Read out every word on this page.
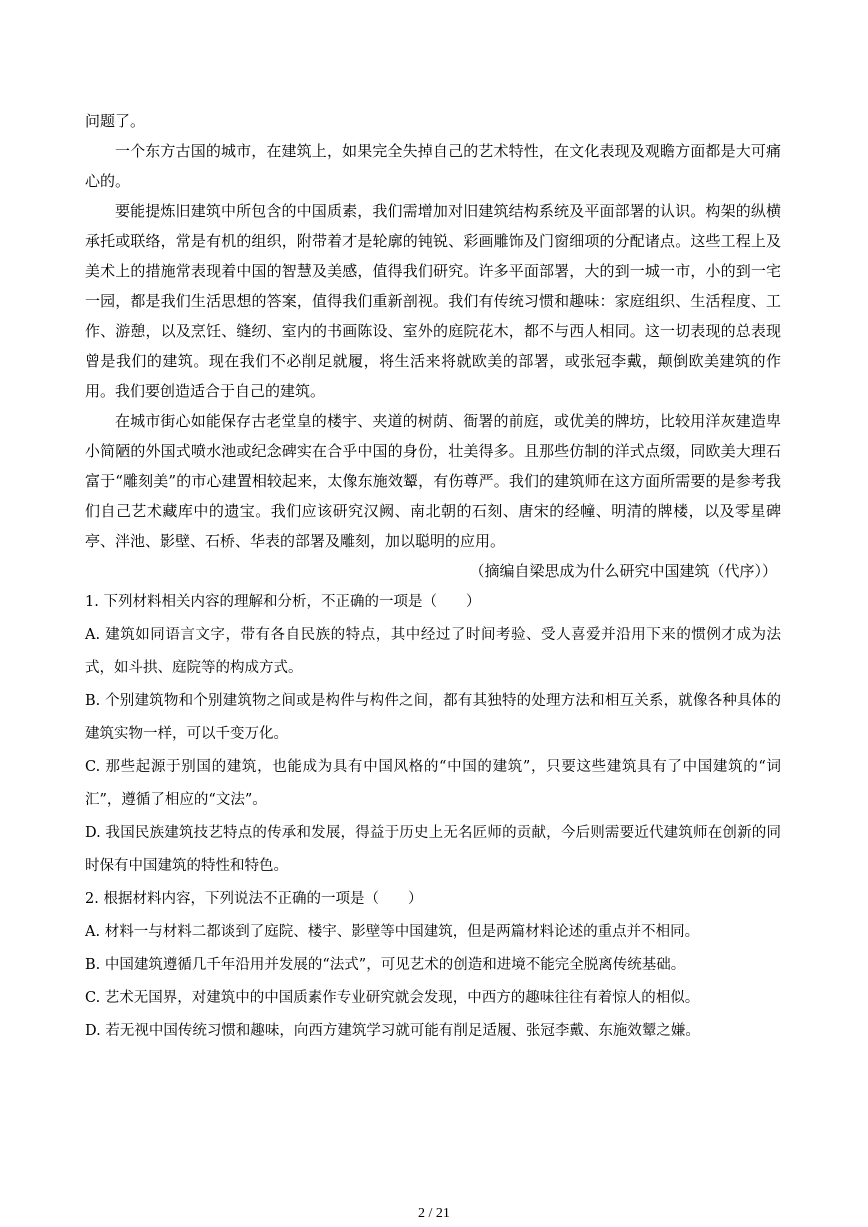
问题了。

一个东方古国的城市，在建筑上，如果完全失掉自己的艺术特性，在文化表现及观瞻方面都是大可痛心的。

要能提炼旧建筑中所包含的中国质素，我们需增加对旧建筑结构系统及平面部署的认识。构架的纵横承托或联络，常是有机的组织，附带着才是轮廓的钝锐、彩画雕饰及门窗细项的分配诸点。这些工程上及美术上的措施常表现着中国的智慧及美感，值得我们研究。许多平面部署，大的到一城一市，小的到一宅一园，都是我们生活思想的答案，值得我们重新剖视。我们有传统习惯和趣味：家庭组织、生活程度、工作、游憩，以及烹饪、缝纫、室内的书画陈设、室外的庭院花木，都不与西人相同。这一切表现的总表现曾是我们的建筑。现在我们不必削足就履，将生活来将就欧美的部署，或张冠李戴，颠倒欧美建筑的作用。我们要创造适合于自己的建筑。

在城市街心如能保存古老堂皇的楼宇、夹道的树荫、衙署的前庭，或优美的牌坊，比较用洋灰建造卑小简陋的外国式喷水池或纪念碑实在合乎中国的身份，壮美得多。且那些仿制的洋式点缀，同欧美大理石富于“雕刻美”的市心建置相较起来，太像东施效颦，有伤尊严。我们的建筑师在这方面所需要的是参考我们自己艺术藏库中的遗宝。我们应该研究汉阙、南北朝的石刻、唐宋的经幢、明清的牌楼，以及零星碑亭、泮池、影壁、石桥、华表的部署及雕刻，加以聪明的应用。

（摘编自梁思成为什么研究中国建筑（代序））

1. 下列材料相关内容的理解和分析，不正确的一项是（　　）

A. 建筑如同语言文字，带有各自民族的特点，其中经过了时间考验、受人喜爱并沿用下来的惯例才成为法式，如斗拱、庭院等的构成方式。

B. 个别建筑物和个别建筑物之间或是构件与构件之间，都有其独特的处理方法和相互关系，就像各种具体的建筑实物一样，可以千变万化。

C. 那些起源于别国的建筑，也能成为具有中国风格的“中国的建筑”，只要这些建筑具有了中国建筑的“词汇”，遵循了相应的“文法”。

D. 我国民族建筑技艺特点的传承和发展，得益于历史上无名匠师的贡献，今后则需要近代建筑师在创新的同时保有中国建筑的特性和特色。

2. 根据材料内容，下列说法不正确的一项是（　　）

A. 材料一与材料二都谈到了庭院、楼宇、影壁等中国建筑，但是两篇材料论述的重点并不相同。

B. 中国建筑遵循几千年沿用并发展的“法式”，可见艺术的创造和进境不能完全脱离传统基础。

C. 艺术无国界，对建筑中的中国质素作专业研究就会发现，中西方的趣味往往有着惊人的相似。

D. 若无视中国传统习惯和趣味，向西方建筑学习就可能有削足适履、张冠李戴、东施效颦之嫌。

2 / 21
